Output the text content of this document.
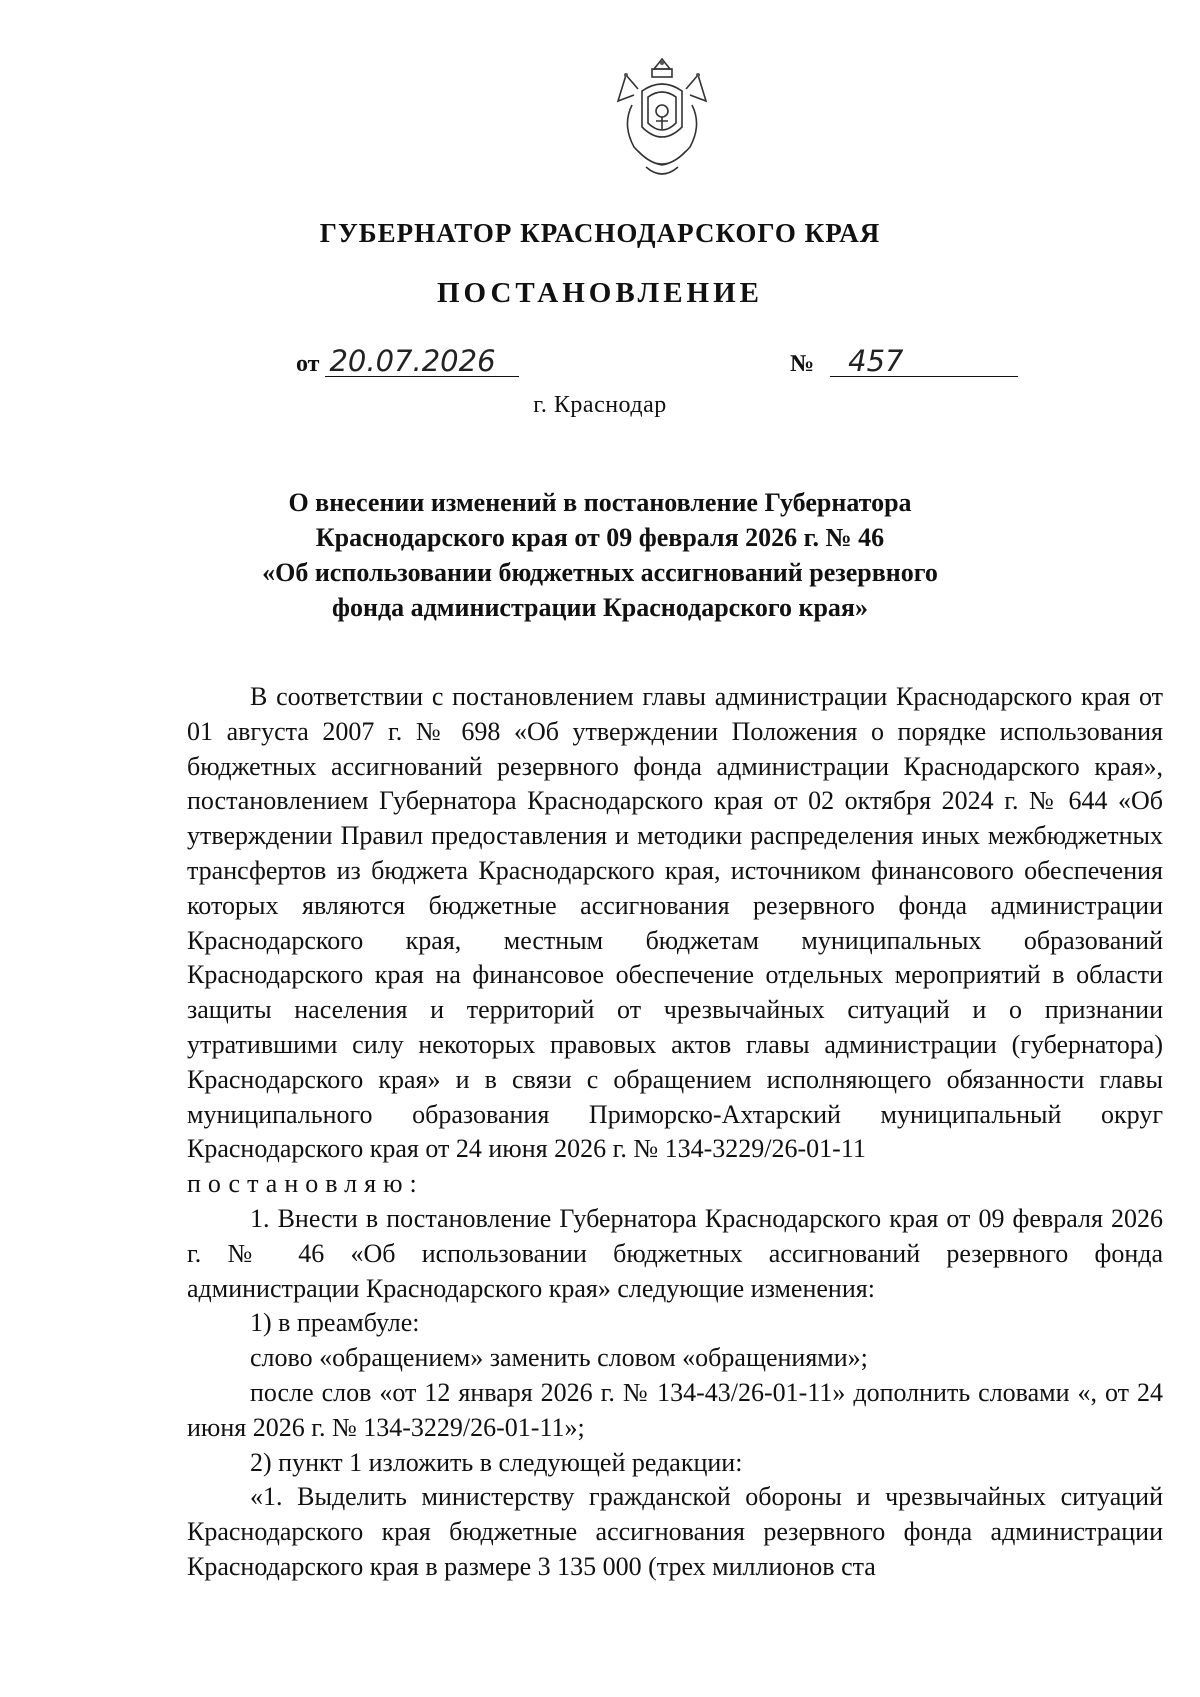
ГУБЕРНАТОР КРАСНОДАРСКОГО КРАЯ
ПОСТАНОВЛЕНИЕ
от 20.07.2026	№ 457
г. Краснодар
О внесении изменений в постановление Губернатора
Краснодарского края от 09 февраля 2026 г. № 46
«Об использовании бюджетных ассигнований резервного
фонда администрации Краснодарского края»
В соответствии с постановлением главы администрации Краснодарского края от 01 августа 2007 г. № 698 «Об утверждении Положения о порядке использования бюджетных ассигнований резервного фонда администрации Краснодарского края», постановлением Губернатора Краснодарского края от 02 октября 2024 г. № 644 «Об утверждении Правил предоставления и методики распределения иных межбюджетных трансфертов из бюджета Краснодарского края, источником финансового обеспечения которых являются бюджетные ассигнования резервного фонда администрации Краснодарского края, местным бюджетам муниципальных образований Краснодарского края на финансовое обеспечение отдельных мероприятий в области защиты населения и территорий от чрезвычайных ситуаций и о признании утратившими силу некоторых правовых актов главы администрации (губернатора) Краснодарского края» и в связи с обращением исполняющего обязанности главы муниципального образования Приморско-Ахтарский муниципальный округ Краснодарского края от 24 июня 2026 г. № 134-3229/26-01-11
постановляю:
1. Внести в постановление Губернатора Краснодарского края от 09 февраля 2026 г. № 46 «Об использовании бюджетных ассигнований резервного фонда администрации Краснодарского края» следующие изменения:
1) в преамбуле:
слово «обращением» заменить словом «обращениями»;
после слов «от 12 января 2026 г. № 134-43/26-01-11» дополнить словами «, от 24 июня 2026 г. № 134-3229/26-01-11»;
2) пункт 1 изложить в следующей редакции:
«1. Выделить министерству гражданской обороны и чрезвычайных ситуаций Краснодарского края бюджетные ассигнования резервного фонда администрации Краснодарского края в размере 3 135 000 (трех миллионов ста
